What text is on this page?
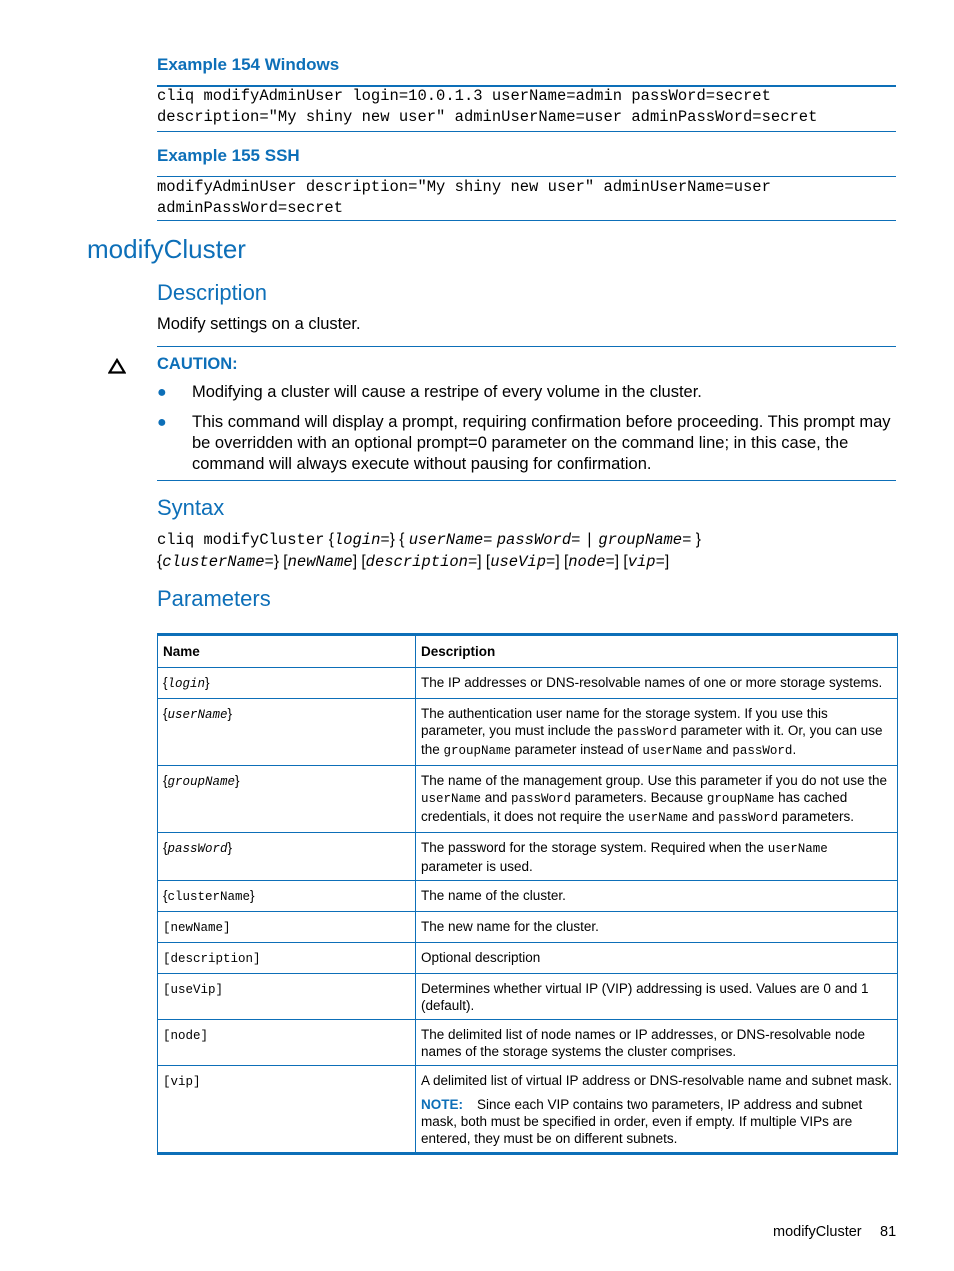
Example 154 Windows
cliq modifyAdminUser login=10.0.1.3 userName=admin passWord=secret
description="My shiny new user" adminUserName=user adminPassWord=secret
Example 155 SSH
modifyAdminUser description="My shiny new user" adminUserName=user
adminPassWord=secret
modifyCluster
Description
Modify settings on a cluster.
CAUTION:
●	Modifying a cluster will cause a restripe of every volume in the cluster.
●	This command will display a prompt, requiring confirmation before proceeding. This prompt may be overridden with an optional prompt=0 parameter on the command line; in this case, the command will always execute without pausing for confirmation.
Syntax
cliq modifyCluster {login=} { userName= passWord= | groupName= }
{clusterName=} [newName] [description=] [useVip=] [node=] [vip=]
Parameters
Name	Description
{login}	The IP addresses or DNS-resolvable names of one or more storage systems.
{userName}	The authentication user name for the storage system. If you use this parameter, you must include the passWord parameter with it. Or, you can use the groupName parameter instead of userName and passWord.
{groupName}	The name of the management group. Use this parameter if you do not use the userName and passWord parameters. Because groupName has cached credentials, it does not require the userName and passWord parameters.
{passWord}	The password for the storage system. Required when the userName parameter is used.
{clusterName}	The name of the cluster.
[newName]	The new name for the cluster.
[description]	Optional description
[useVip]	Determines whether virtual IP (VIP) addressing is used. Values are 0 and 1 (default).
[node]	The delimited list of node names or IP addresses, or DNS-resolvable node names of the storage systems the cluster comprises.
[vip]	A delimited list of virtual IP address or DNS-resolvable name and subnet mask.
NOTE: Since each VIP contains two parameters, IP address and subnet mask, both must be specified in order, even if empty. If multiple VIPs are entered, they must be on different subnets.
modifyCluster 81
